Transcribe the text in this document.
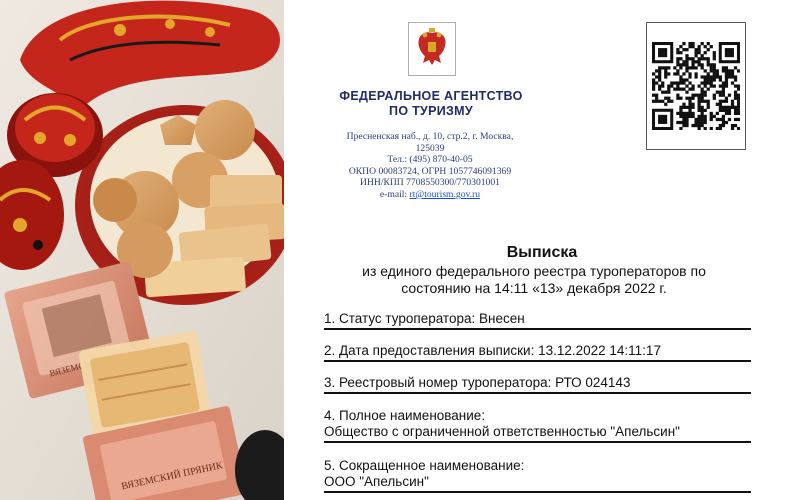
ВЯЗЕМСКИЙ
ВЯЗЕМСКИЙ ПРЯНИК
ФЕДЕРАЛЬНОЕ АГЕНТСТВО
ПО ТУРИЗМУ
Пресненская наб., д. 10, стр.2, г. Москва,
125039
Тел.: (495) 870-40-05
ОКПО 00083724, ОГРН 1057746091369
ИНН/КПП 7708550300/770301001
e-mail: rt@tourism.gov.ru
Выписка
из единого федерального реестра туроператоров по
состоянию на 14:11 «13» декабря 2022 г.
1. Статус туроператора: Внесен
2. Дата предоставления выписки: 13.12.2022 14:11:17
3. Реестровый номер туроператора: РТО 024143
4. Полное наименование:
Общество с ограниченной ответственностью "Апельсин"
5. Сокращенное наименование:
ООО "Апельсин"
